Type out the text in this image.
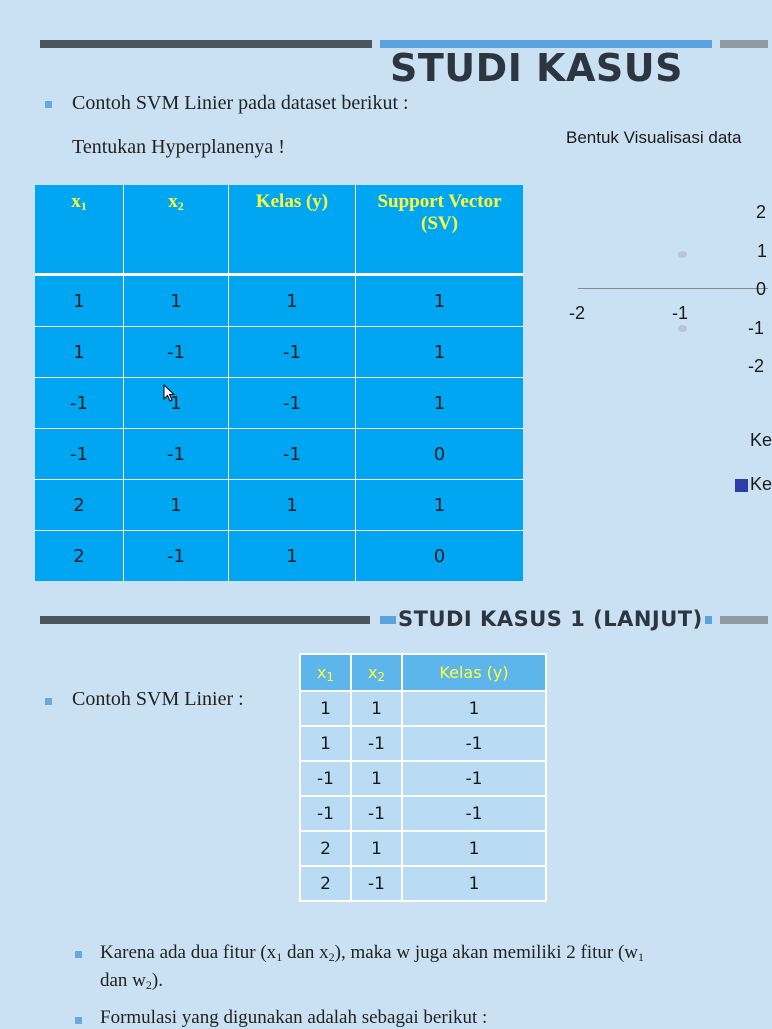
STUDI KASUS
Contoh SVM Linier pada dataset berikut :
Tentukan Hyperplanenya !	Bentuk Visualisasi data
$x_1$	$x_2$	Kelas (y)	Support Vector (SV)
1	1	1	1
1	-1	-1	1
-1	1	-1	1
-1	-1	-1	0
2	1	1	1
2	-1	1	0
2
1
0
-1
-2
-2	-1
Ke
Ke
STUDI KASUS 1 (LANJUT)
Contoh SVM Linier :
$x_1$	$x_2$	Kelas (y)
1	1	1
1	-1	-1
-1	1	-1
-1	-1	-1
2	1	1
2	-1	1
Karena ada dua fitur ($x_1$ dan $x_2$), maka w juga akan memiliki 2 fitur ($w_1$
dan $w_2$).
Formulasi yang digunakan adalah sebagai berikut :
